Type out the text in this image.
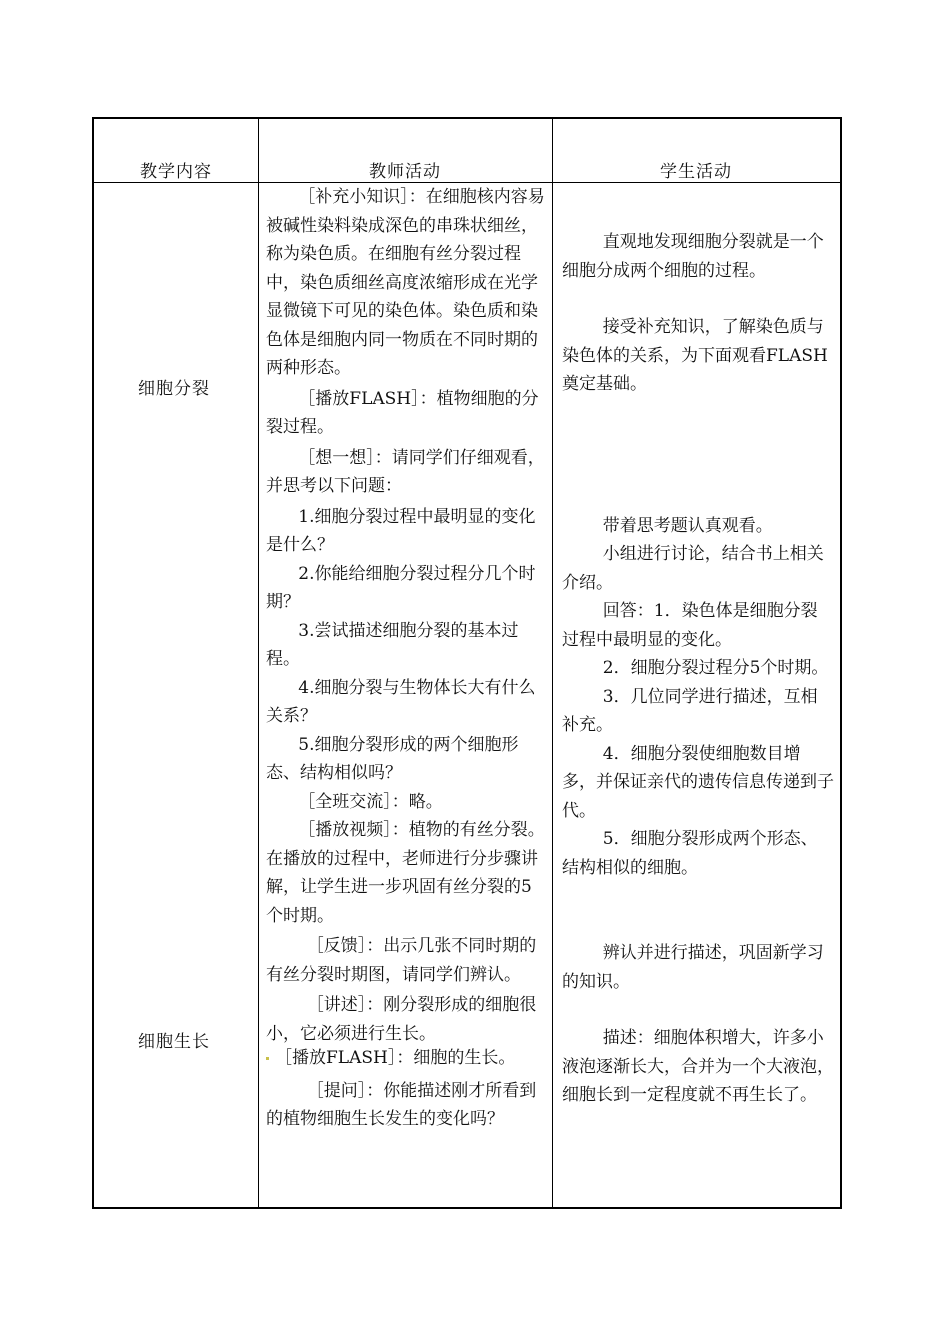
教学内容	教师活动	学生活动
细胞分裂
细胞生长

［补充小知识］：在细胞核内容易被碱性染料染成深色的串珠状细丝，称为染色质。在细胞有丝分裂过程中，染色质细丝高度浓缩形成在光学显微镜下可见的染色体。染色质和染色体是细胞内同一物质在不同时期的两种形态。

［播放FLASH］：植物细胞的分裂过程。

［想一想］：请同学们仔细观看，并思考以下问题：

1.细胞分裂过程中最明显的变化是什么？

2.你能给细胞分裂过程分几个时期？

3.尝试描述细胞分裂的基本过程。

4.细胞分裂与生物体长大有什么关系？

5.细胞分裂形成的两个细胞形态、结构相似吗？

［全班交流］：略。

［播放视频］：植物的有丝分裂。在播放的过程中，老师进行分步骤讲解，让学生进一步巩固有丝分裂的5个时期。

［反馈］：出示几张不同时期的有丝分裂时期图，请同学们辨认。

［讲述］：刚分裂形成的细胞很小，它必须进行生长。

［播放FLASH］：细胞的生长。

［提问］：你能描述刚才所看到的植物细胞生长发生的变化吗？

直观地发现细胞分裂就是一个细胞分成两个细胞的过程。

接受补充知识，了解染色质与染色体的关系，为下面观看FLASH奠定基础。

带着思考题认真观看。

小组进行讨论，结合书上相关介绍。

回答：1．染色体是细胞分裂过程中最明显的变化。

2．细胞分裂过程分5个时期。

3．几位同学进行描述，互相补充。

4．细胞分裂使细胞数目增多，并保证亲代的遗传信息传递到子代。

5．细胞分裂形成两个形态、结构相似的细胞。

辨认并进行描述，巩固新学习的知识。

描述：细胞体积增大，许多小液泡逐渐长大，合并为一个大液泡，细胞长到一定程度就不再生长了。
